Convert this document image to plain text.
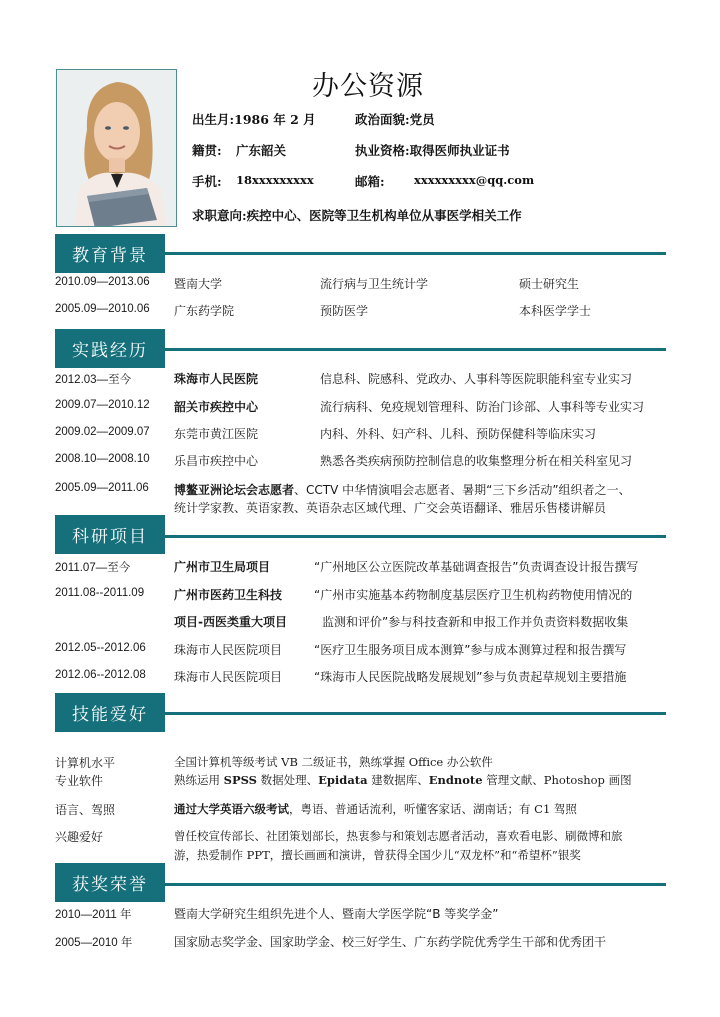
办公资源
出生月:1986 年 2 月	政治面貌:党员
籍贯: 广东韶关	执业资格:取得医师执业证书
手机: 18xxxxxxxxx	邮箱:	xxxxxxxxx@qq.com
求职意向:疾控中心、医院等卫生机构单位从事医学相关工作
教育背景
2010.09—2013.06 暨南大学	流行病与卫生统计学	硕士研究生
2005.09—2010.06 广东药学院	预防医学	本科医学学士
实践经历
2012.03—至今	珠海市人民医院	信息科、院感科、党政办、人事科等医院职能科室专业实习
2009.07—2010.12 韶关市疾控中心	流行病科、免疫规划管理科、防治门诊部、人事科等专业实习
2009.02—2009.07 东莞市黄江医院	内科、外科、妇产科、儿科、预防保健科等临床实习
2008.10—2008.10 乐昌市疾控中心	熟悉各类疾病预防控制信息的收集整理分析在相关科室见习
2005.09—2011.06 博鳌亚洲论坛会志愿者、CCTV 中华情演唱会志愿者、暑期“三下乡活动”组织者之一、
统计学家教、英语家教、英语杂志区域代理、广交会英语翻译、雅居乐售楼讲解员
科研项目
2011.07—至今	广州市卫生局项目	“广州地区公立医院改革基础调查报告”负责调查设计报告撰写
2011.08--2011.09 广州市医药卫生科技	“广州市实施基本药物制度基层医疗卫生机构药物使用情况的
项目-西医类重大项目	监测和评价”参与科技查新和申报工作并负责资料数据收集
2012.05--2012.06 珠海市人民医院项目	“医疗卫生服务项目成本测算”参与成本测算过程和报告撰写
2012.06--2012.08 珠海市人民医院项目	“珠海市人民医院战略发展规划”参与负责起草规划主要措施
技能爱好
计算机水平	全国计算机等级考试 VB 二级证书，熟练掌握 Office 办公软件
专业软件	熟练运用 SPSS 数据处理、Epidata 建数据库、Endnote 管理文献、Photoshop 画图
语言、驾照	通过大学英语六级考试，粤语、普通话流利，听懂客家话、湖南话；有 C1 驾照
兴趣爱好	曾任校宣传部长、社团策划部长，热衷参与和策划志愿者活动，喜欢看电影、刷微博和旅
游，热爱制作 PPT，擅长画画和演讲，曾获得全国少儿“双龙杯”和“希望杯”银奖
获奖荣誉
2010—2011 年	暨南大学研究生组织先进个人、暨南大学医学院“B 等奖学金”
2005—2010 年	国家励志奖学金、国家助学金、校三好学生、广东药学院优秀学生干部和优秀团干
